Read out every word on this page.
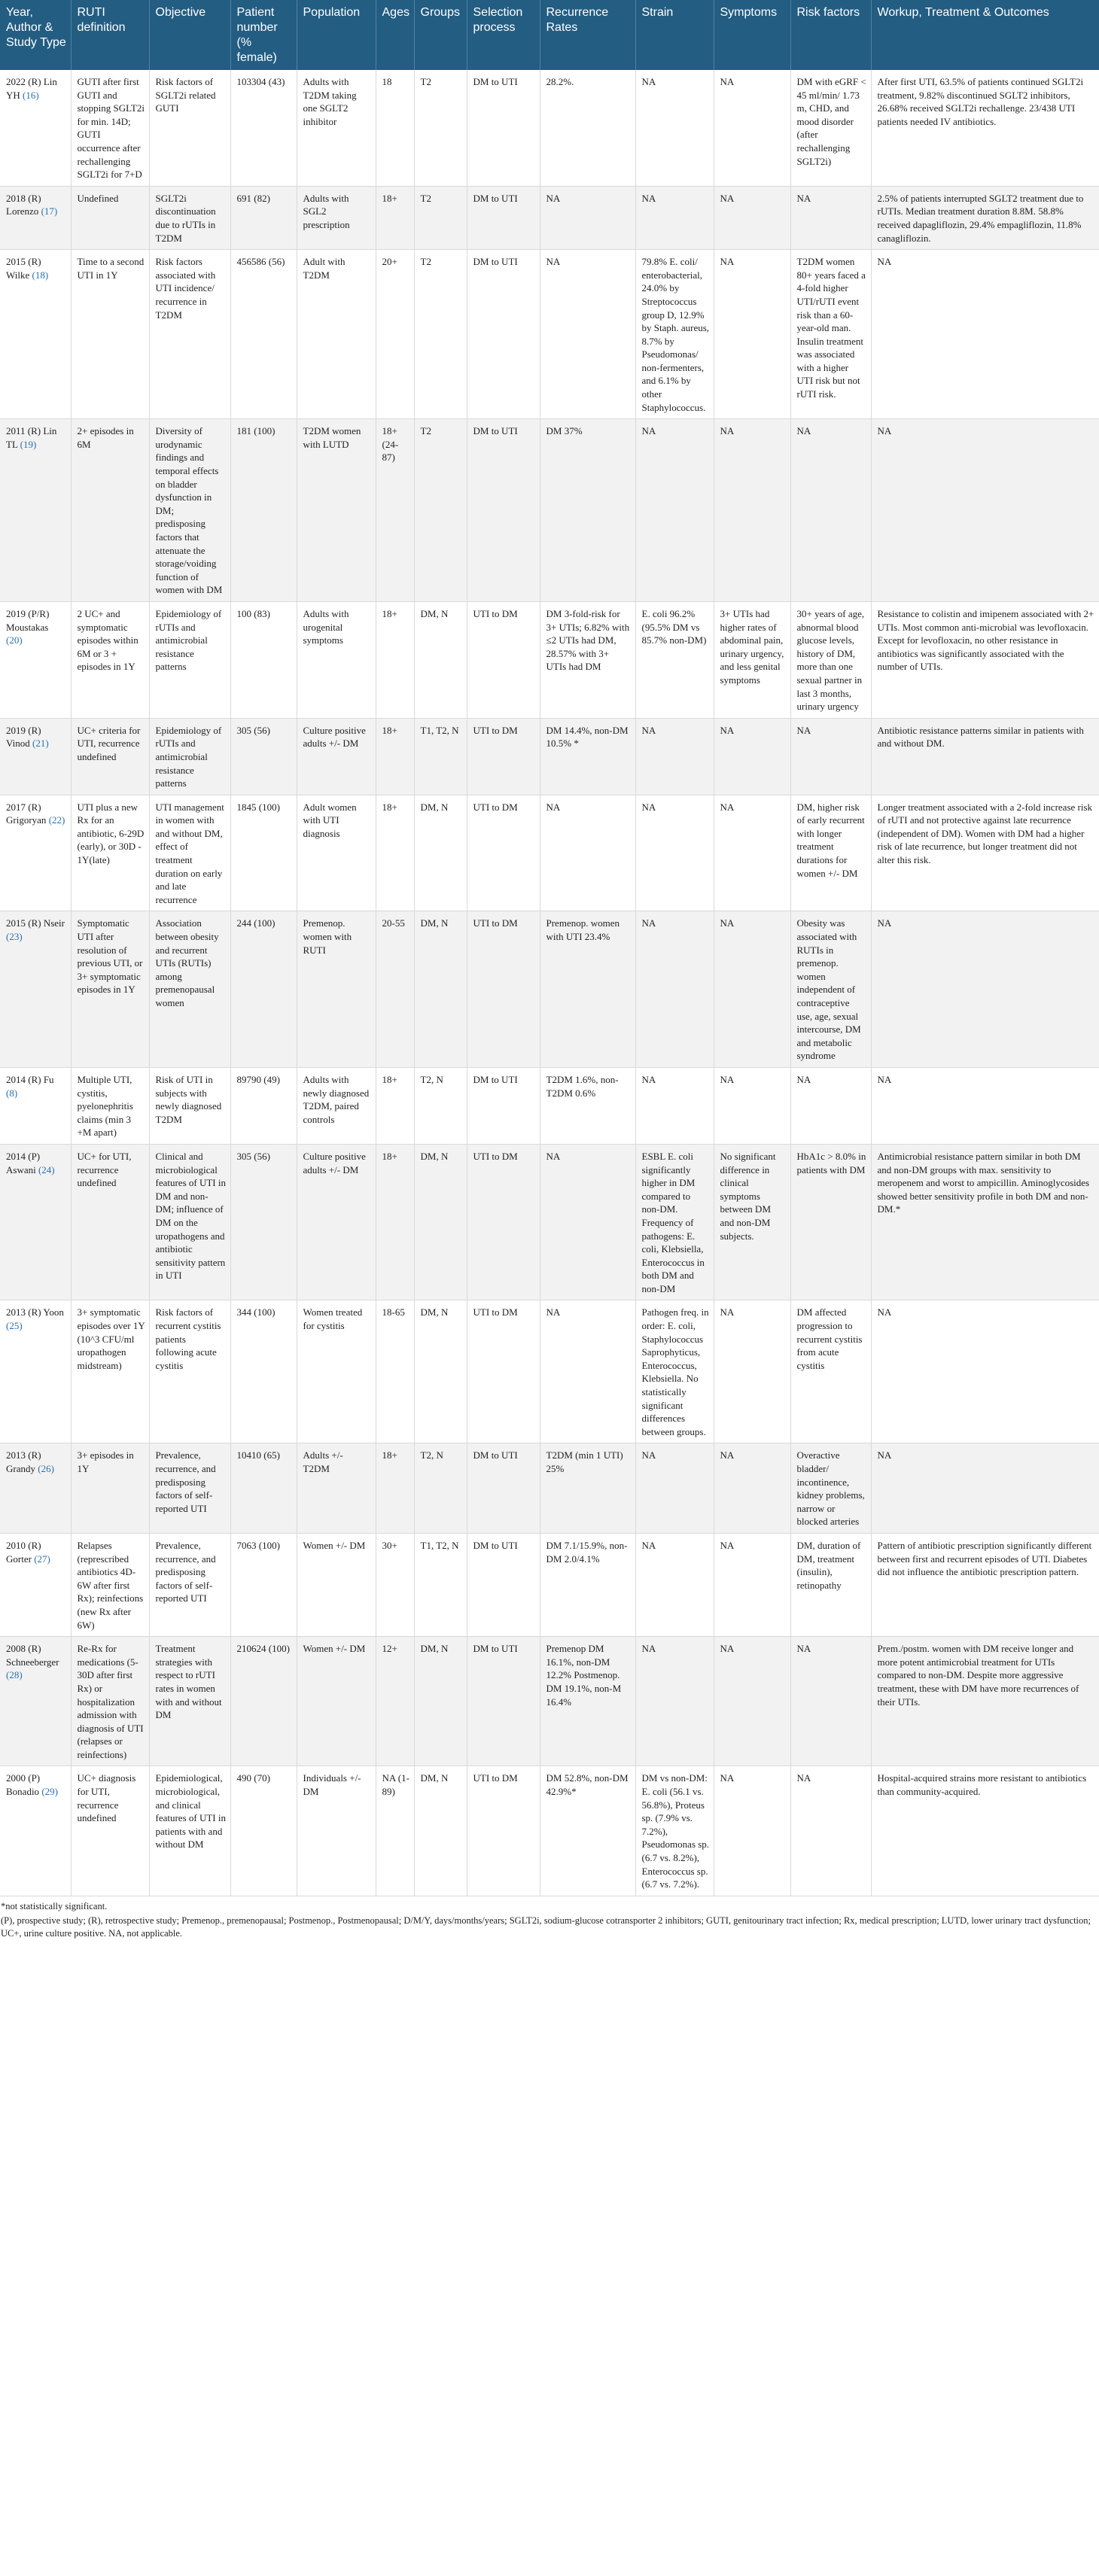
Year, Author & Study Type	RUTI definition	Objective	Patient number (% female)	Population	Ages	Groups	Selection process	Recurrence Rates	Strain	Symptoms	Risk factors	Workup, Treatment & Outcomes
2022 (R) Lin YH (16)	GUTI after first GUTI and stopping SGLT2i for min. 14D; GUTI occurrence after rechallenging SGLT2i for 7+D	Risk factors of SGLT2i related GUTI	103304 (43)	Adults with T2DM taking one SGLT2 inhibitor	18	T2	DM to UTI	28.2%.	NA	NA	DM with eGRF < 45 ml/min/ 1.73 m, CHD, and mood disorder (after rechallenging SGLT2i)	After first UTI, 63.5% of patients continued SGLT2i treatment, 9.82% discontinued SGLT2 inhibitors, 26.68% received SGLT2i rechallenge. 23/438 UTI patients needed IV antibiotics.
2018 (R) Lorenzo (17)	Undefined	SGLT2i discontinuation due to rUTIs in T2DM	691 (82)	Adults with SGL2 prescription	18+	T2	DM to UTI	NA	NA	NA	NA	2.5% of patients interrupted SGLT2 treatment due to rUTIs. Median treatment duration 8.8M. 58.8% received dapagliflozin, 29.4% empagliflozin, 11.8% canagliflozin.
2015 (R) Wilke (18)	Time to a second UTI in 1Y	Risk factors associated with UTI incidence/ recurrence in T2DM	456586 (56)	Adult with T2DM	20+	T2	DM to UTI	NA	79.8% E. coli/ enterobacterial, 24.0% by Streptococcus group D, 12.9% by Staph. aureus, 8.7% by Pseudomonas/ non-fermenters, and 6.1% by other Staphylococcus.	NA	T2DM women 80+ years faced a 4-fold higher UTI/rUTI event risk than a 60-year-old man. Insulin treatment was associated with a higher UTI risk but not rUTI risk.	NA
2011 (R) Lin TL (19)	2+ episodes in 6M	Diversity of urodynamic findings and temporal effects on bladder dysfunction in DM; predisposing factors that attenuate the storage/voiding function of women with DM	181 (100)	T2DM women with LUTD	18+ (24-87)	T2	DM to UTI	DM 37%	NA	NA	NA	NA
2019 (P/R) Moustakas (20)	2 UC+ and symptomatic episodes within 6M or 3 + episodes in 1Y	Epidemiology of rUTIs and antimicrobial resistance patterns	100 (83)	Adults with urogenital symptoms	18+	DM, N	UTI to DM	DM 3-fold-risk for 3+ UTIs; 6.82% with ≤2 UTIs had DM, 28.57% with 3+ UTIs had DM	E. coli 96.2% (95.5% DM vs 85.7% non-DM)	3+ UTIs had higher rates of abdominal pain, urinary urgency, and less genital symptoms	30+ years of age, abnormal blood glucose levels, history of DM, more than one sexual partner in last 3 months, urinary urgency	Resistance to colistin and imipenem associated with 2+ UTIs. Most common anti-microbial was levofloxacin. Except for levofloxacin, no other resistance in antibiotics was significantly associated with the number of UTIs.
2019 (R) Vinod (21)	UC+ criteria for UTI, recurrence undefined	Epidemiology of rUTIs and antimicrobial resistance patterns	305 (56)	Culture positive adults +/- DM	18+	T1, T2, N	UTI to DM	DM 14.4%, non-DM 10.5% *	NA	NA	NA	Antibiotic resistance patterns similar in patients with and without DM.
2017 (R) Grigoryan (22)	UTI plus a new Rx for an antibiotic, 6-29D (early), or 30D - 1Y(late)	UTI management in women with and without DM, effect of treatment duration on early and late recurrence	1845 (100)	Adult women with UTI diagnosis	18+	DM, N	UTI to DM	NA	NA	NA	DM, higher risk of early recurrent with longer treatment durations for women +/- DM	Longer treatment associated with a 2-fold increase risk of rUTI and not protective against late recurrence (independent of DM). Women with DM had a higher risk of late recurrence, but longer treatment did not alter this risk.
2015 (R) Nseir (23)	Symptomatic UTI after resolution of previous UTI, or 3+ symptomatic episodes in 1Y	Association between obesity and recurrent UTIs (RUTIs) among premenopausal women	244 (100)	Premenop. women with RUTI	20-55	DM, N	UTI to DM	Premenop. women with UTI 23.4%	NA	NA	Obesity was associated with RUTIs in premenop. women independent of contraceptive use, age, sexual intercourse, DM and metabolic syndrome	NA
2014 (R) Fu (8)	Multiple UTI, cystitis, pyelonephritis claims (min 3 +M apart)	Risk of UTI in subjects with newly diagnosed T2DM	89790 (49)	Adults with newly diagnosed T2DM, paired controls	18+	T2, N	DM to UTI	T2DM 1.6%, non-T2DM 0.6%	NA	NA	NA	NA
2014 (P) Aswani (24)	UC+ for UTI, recurrence undefined	Clinical and microbiological features of UTI in DM and non-DM; influence of DM on the uropathogens and antibiotic sensitivity pattern in UTI	305 (56)	Culture positive adults +/- DM	18+	DM, N	UTI to DM	NA	ESBL E. coli significantly higher in DM compared to non-DM. Frequency of pathogens: E. coli, Klebsiella, Enterococcus in both DM and non-DM	No significant difference in clinical symptoms between DM and non-DM subjects.	HbA1c > 8.0% in patients with DM	Antimicrobial resistance pattern similar in both DM and non-DM groups with max. sensitivity to meropenem and worst to ampicillin. Aminoglycosides showed better sensitivity profile in both DM and non-DM.*
2013 (R) Yoon (25)	3+ symptomatic episodes over 1Y (10^3 CFU/ml uropathogen midstream)	Risk factors of recurrent cystitis patients following acute cystitis	344 (100)	Women treated for cystitis	18-65	DM, N	UTI to DM	NA	Pathogen freq. in order: E. coli, Staphylococcus Saprophyticus, Enterococcus, Klebsiella. No statistically significant differences between groups.	NA	DM affected progression to recurrent cystitis from acute cystitis	NA
2013 (R) Grandy (26)	3+ episodes in 1Y	Prevalence, recurrence, and predisposing factors of self-reported UTI	10410 (65)	Adults +/- T2DM	18+	T2, N	DM to UTI	T2DM (min 1 UTI) 25%	NA	NA	Overactive bladder/ incontinence, kidney problems, narrow or blocked arteries	NA
2010 (R) Gorter (27)	Relapses (represcribed antibiotics 4D-6W after first Rx); reinfections (new Rx after 6W)	Prevalence, recurrence, and predisposing factors of self-reported UTI	7063 (100)	Women +/- DM	30+	T1, T2, N	DM to UTI	DM 7.1/15.9%, non-DM 2.0/4.1%	NA	NA	DM, duration of DM, treatment (insulin), retinopathy	Pattern of antibiotic prescription significantly different between first and recurrent episodes of UTI. Diabetes did not influence the antibiotic prescription pattern.
2008 (R) Schneeberger (28)	Re-Rx for medications (5-30D after first Rx) or hospitalization admission with diagnosis of UTI (relapses or reinfections)	Treatment strategies with respect to rUTI rates in women with and without DM	210624 (100)	Women +/- DM	12+	DM, N	DM to UTI	Premenop DM 16.1%, non-DM 12.2% Postmenop. DM 19.1%, non-M 16.4%	NA	NA	NA	Prem./postm. women with DM receive longer and more potent antimicrobial treatment for UTIs compared to non-DM. Despite more aggressive treatment, these with DM have more recurrences of their UTIs.
2000 (P) Bonadio (29)	UC+ diagnosis for UTI, recurrence undefined	Epidemiological, microbiological, and clinical features of UTI in patients with and without DM	490 (70)	Individuals +/-DM	NA (1-89)	DM, N	UTI to DM	DM 52.8%, non-DM 42.9%*	DM vs non-DM: E. coli (56.1 vs. 56.8%), Proteus sp. (7.9% vs. 7.2%), Pseudomonas sp. (6.7 vs. 8.2%), Enterococcus sp. (6.7 vs. 7.2%).	NA	NA	Hospital-acquired strains more resistant to antibiotics than community-acquired.
*not statistically significant.
(P), prospective study; (R), retrospective study; Premenop., premenopausal; Postmenop., Postmenopausal; D/M/Y, days/months/years; SGLT2i, sodium-glucose cotransporter 2 inhibitors; GUTI, genitourinary tract infection; Rx, medical prescription; LUTD, lower urinary tract dysfunction; UC+, urine culture positive. NA, not applicable.
